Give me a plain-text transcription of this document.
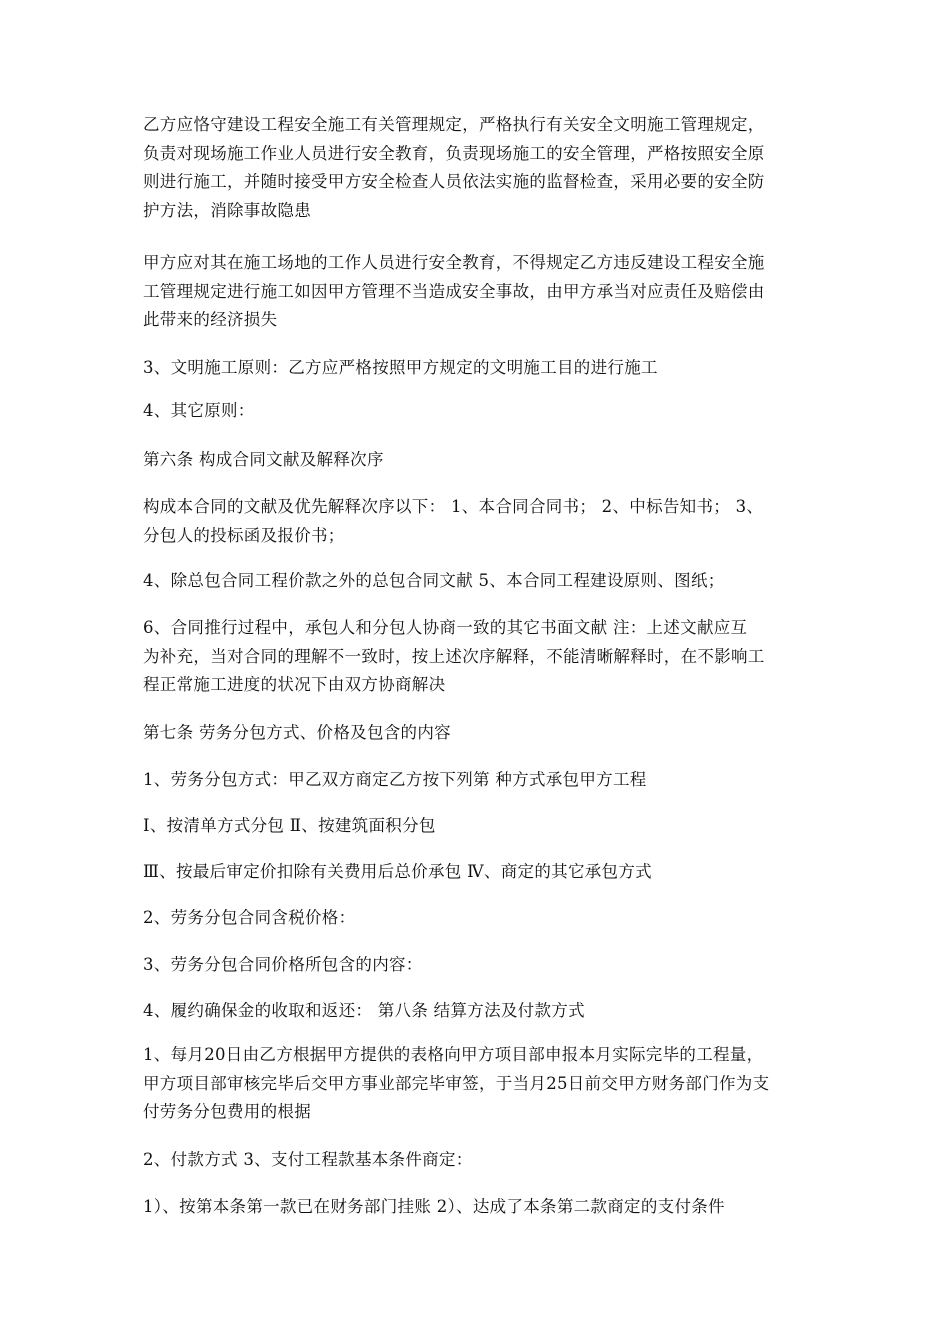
乙方应恪守建设工程安全施工有关管理规定，严格执行有关安全文明施工管理规定，
负责对现场施工作业人员进行安全教育，负责现场施工的安全管理，严格按照安全原
则进行施工，并随时接受甲方安全检查人员依法实施的监督检查，采用必要的安全防
护方法，消除事故隐患
甲方应对其在施工场地的工作人员进行安全教育，不得规定乙方违反建设工程安全施
工管理规定进行施工如因甲方管理不当造成安全事故，由甲方承当对应责任及赔偿由
此带来的经济损失
3、文明施工原则：乙方应严格按照甲方规定的文明施工目的进行施工
4、其它原则：
第六条 构成合同文献及解释次序
构成本合同的文献及优先解释次序以下： 1、本合同合同书； 2、中标告知书； 3、
分包人的投标函及报价书；
4、除总包合同工程价款之外的总包合同文献 5、本合同工程建设原则、图纸；
6、合同推行过程中，承包人和分包人协商一致的其它书面文献 注：上述文献应互
为补充，当对合同的理解不一致时，按上述次序解释，不能清晰解释时，在不影响工
程正常施工进度的状况下由双方协商解决
第七条 劳务分包方式、价格及包含的内容
1、劳务分包方式：甲乙双方商定乙方按下列第 种方式承包甲方工程
Ⅰ、按清单方式分包 Ⅱ、按建筑面积分包
Ⅲ、按最后审定价扣除有关费用后总价承包 Ⅳ、商定的其它承包方式
2、劳务分包合同含税价格：
3、劳务分包合同价格所包含的内容：
4、履约确保金的收取和返还： 第八条 结算方法及付款方式
1、每月20日由乙方根据甲方提供的表格向甲方项目部申报本月实际完毕的工程量，
甲方项目部审核完毕后交甲方事业部完毕审签，于当月25日前交甲方财务部门作为支
付劳务分包费用的根据
2、付款方式 3、支付工程款基本条件商定：
1）、按第本条第一款已在财务部门挂账 2）、达成了本条第二款商定的支付条件
